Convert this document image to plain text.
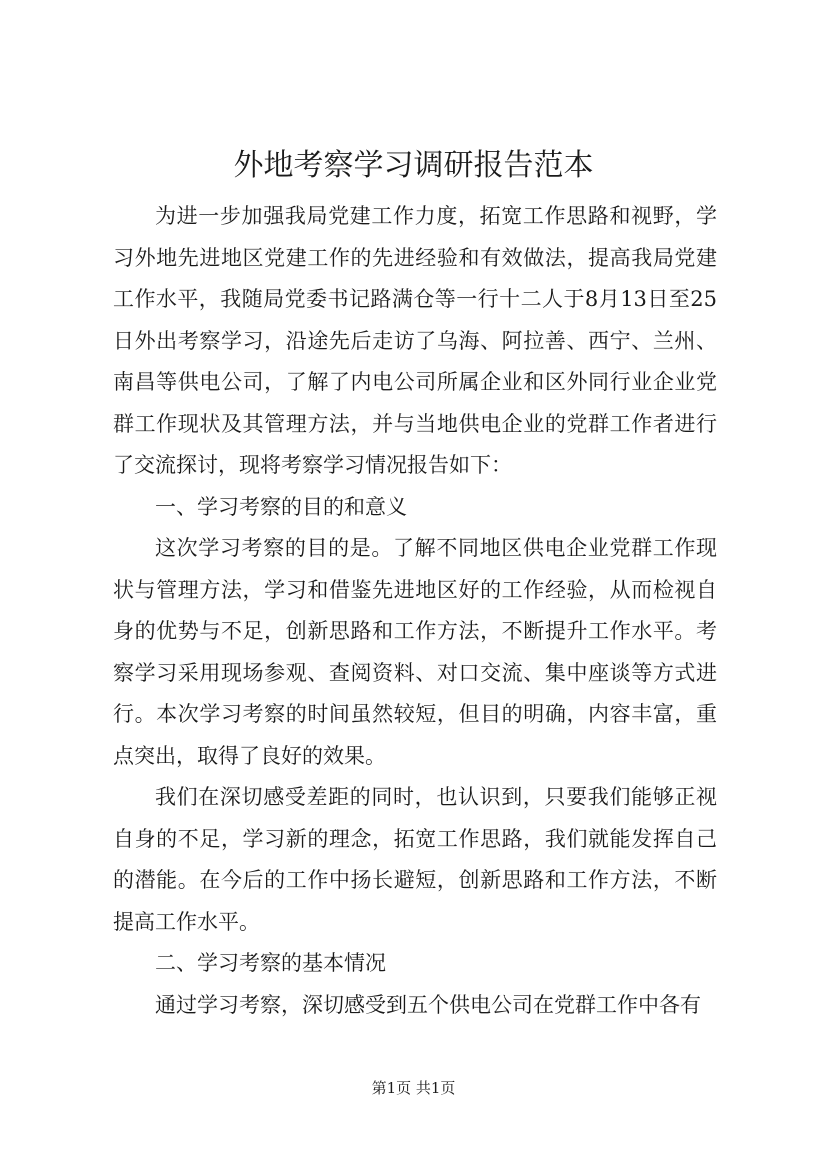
外地考察学习调研报告范本
为进一步加强我局党建工作力度，拓宽工作思路和视野，学
习外地先进地区党建工作的先进经验和有效做法，提高我局党建
工作水平，我随局党委书记路满仓等一行十二人于8月13日至25
日外出考察学习，沿途先后走访了乌海、阿拉善、西宁、兰州、
南昌等供电公司，了解了内电公司所属企业和区外同行业企业党
群工作现状及其管理方法，并与当地供电企业的党群工作者进行
了交流探讨，现将考察学习情况报告如下：
一、学习考察的目的和意义
这次学习考察的目的是。了解不同地区供电企业党群工作现
状与管理方法，学习和借鉴先进地区好的工作经验，从而检视自
身的优势与不足，创新思路和工作方法，不断提升工作水平。考
察学习采用现场参观、查阅资料、对口交流、集中座谈等方式进
行。本次学习考察的时间虽然较短，但目的明确，内容丰富，重
点突出，取得了良好的效果。
我们在深切感受差距的同时，也认识到，只要我们能够正视
自身的不足，学习新的理念，拓宽工作思路，我们就能发挥自己
的潜能。在今后的工作中扬长避短，创新思路和工作方法，不断
提高工作水平。
二、学习考察的基本情况
通过学习考察，深切感受到五个供电公司在党群工作中各有
第1页 共1页
